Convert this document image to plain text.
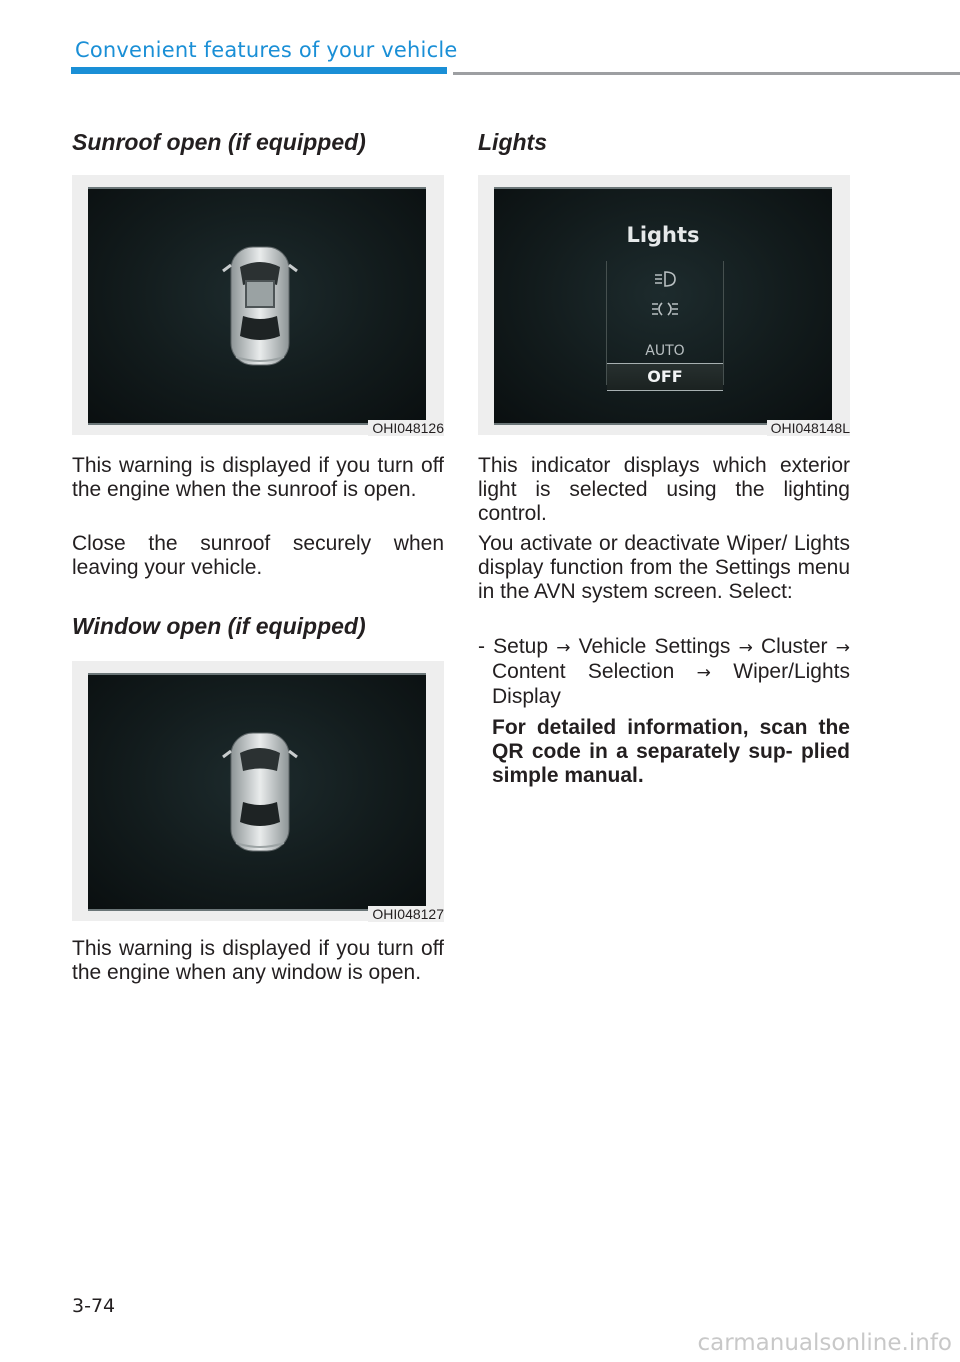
Convenient features of your vehicle
Sunroof open (if equipped)
OHI048126

This warning is displayed if you turn off the engine when the sunroof is open.

Close the sunroof securely when leaving your vehicle.

Window open (if equipped)
OHI048127

This warning is displayed if you turn off the engine when any window is open.

Lights
Lights
AUTO
OFF
OHI048148L

This indicator displays which exterior light is selected using the lighting control.

You activate or deactivate Wiper/ Lights display function from the Settings menu in the AVN system screen. Select:

- Setup → Vehicle Settings → Cluster → Content Selection → Wiper/Lights Display

For detailed information, scan the QR code in a separately sup- plied simple manual.

3-74
carmanualsonline.info
